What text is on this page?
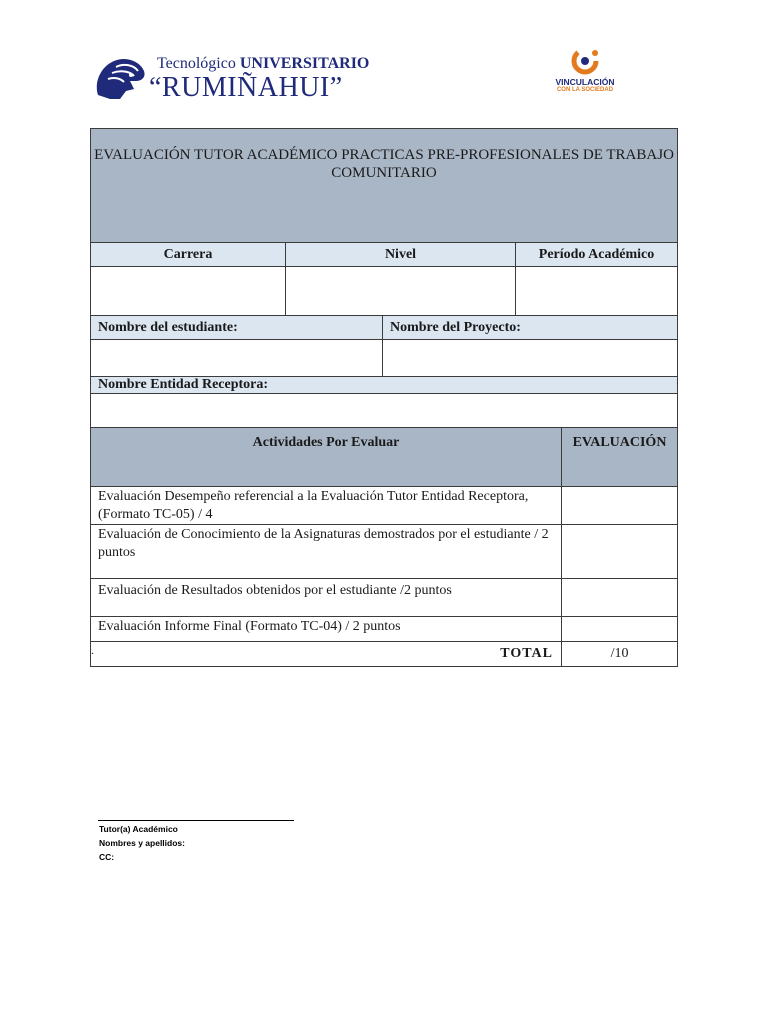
Tecnológico UNIVERSITARIO
“RUMIÑAHUI”	VINCULACIÓN
CON LA SOCIEDAD
EVALUACIÓN TUTOR ACADÉMICO PRACTICAS PRE-PROFESIONALES DE TRABAJO COMUNITARIO				
Carrera	Nivel		Período Académico	

Nombre del estudiante:		Nombre del Proyecto:		

Nombre Entidad Receptora:				

Actividades Por Evaluar				EVALUACIÓN
Evaluación Desempeño referencial a la Evaluación Tutor Entidad Receptora, (Formato TC-05) / 4				
Evaluación de Conocimiento de la Asignaturas demostrados por el estudiante / 2 puntos				
Evaluación de Resultados obtenidos por el estudiante /2 puntos				
Evaluación Informe Final (Formato TC-04) / 2 puntos				
TOTAL				/10
.
Tutor(a) Académico
Nombres y apellidos:
CC:
